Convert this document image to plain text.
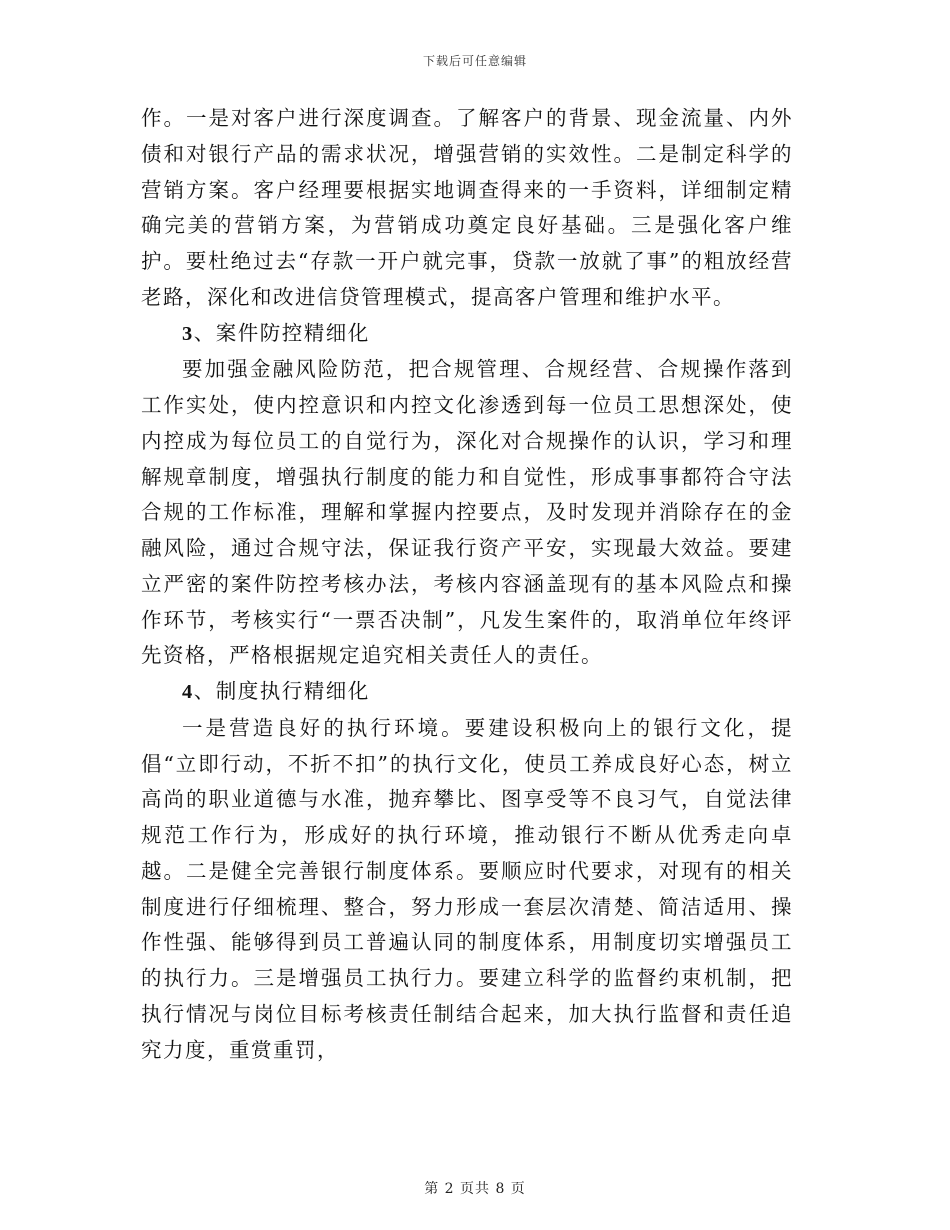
下载后可任意编辑

作。一是对客户进行深度调查。了解客户的背景、现金流量、内外债和对银行产品的需求状况，增强营销的实效性。二是制定科学的营销方案。客户经理要根据实地调查得来的一手资料，详细制定精确完美的营销方案，为营销成功奠定良好基础。三是强化客户维护。要杜绝过去“存款一开户就完事，贷款一放就了事”的粗放经营老路，深化和改进信贷管理模式，提高客户管理和维护水平。

3、案件防控精细化

要加强金融风险防范，把合规管理、合规经营、合规操作落到工作实处，使内控意识和内控文化渗透到每一位员工思想深处，使内控成为每位员工的自觉行为，深化对合规操作的认识，学习和理解规章制度，增强执行制度的能力和自觉性，形成事事都符合守法合规的工作标准，理解和掌握内控要点，及时发现并消除存在的金融风险，通过合规守法，保证我行资产平安，实现最大效益。要建立严密的案件防控考核办法，考核内容涵盖现有的基本风险点和操作环节，考核实行“一票否决制”，凡发生案件的，取消单位年终评先资格，严格根据规定追究相关责任人的责任。

4、制度执行精细化

一是营造良好的执行环境。要建设积极向上的银行文化，提倡“立即行动，不折不扣”的执行文化，使员工养成良好心态，树立高尚的职业道德与水准，抛弃攀比、图享受等不良习气，自觉法律规范工作行为，形成好的执行环境，推动银行不断从优秀走向卓越。二是健全完善银行制度体系。要顺应时代要求，对现有的相关制度进行仔细梳理、整合，努力形成一套层次清楚、简洁适用、操作性强、能够得到员工普遍认同的制度体系，用制度切实增强员工的执行力。三是增强员工执行力。要建立科学的监督约束机制，把执行情况与岗位目标考核责任制结合起来，加大执行监督和责任追究力度，重赏重罚，

第 2 页共 8 页
